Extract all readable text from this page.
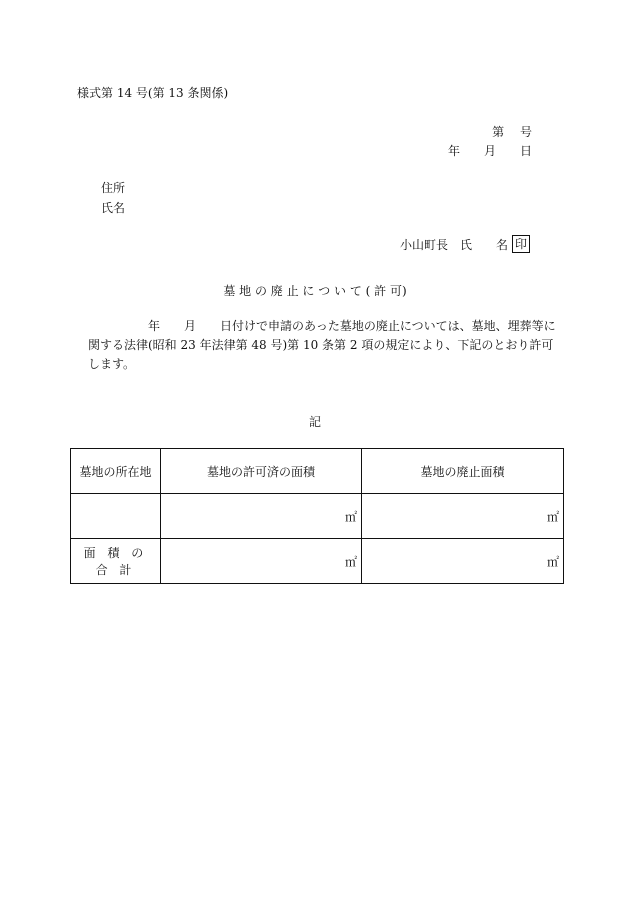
様式第 14 号(第 13 条関係)
第　 号
年　　月　　日
住所
氏名
小山町長　氏　　名 印
墓 地 の 廃 止 に つ い て ( 許 可)
年　　月　　日付けで申請のあった墓地の廃止については、墓地、埋葬等に関する法律(昭和 23 年法律第 48 号)第 10 条第 2 項の規定により、下記のとおり許可します。
記
墓地の所在地	墓地の許可済の面積	墓地の廃止面積
	㎡	㎡
面 積 の 合 計	㎡	㎡
